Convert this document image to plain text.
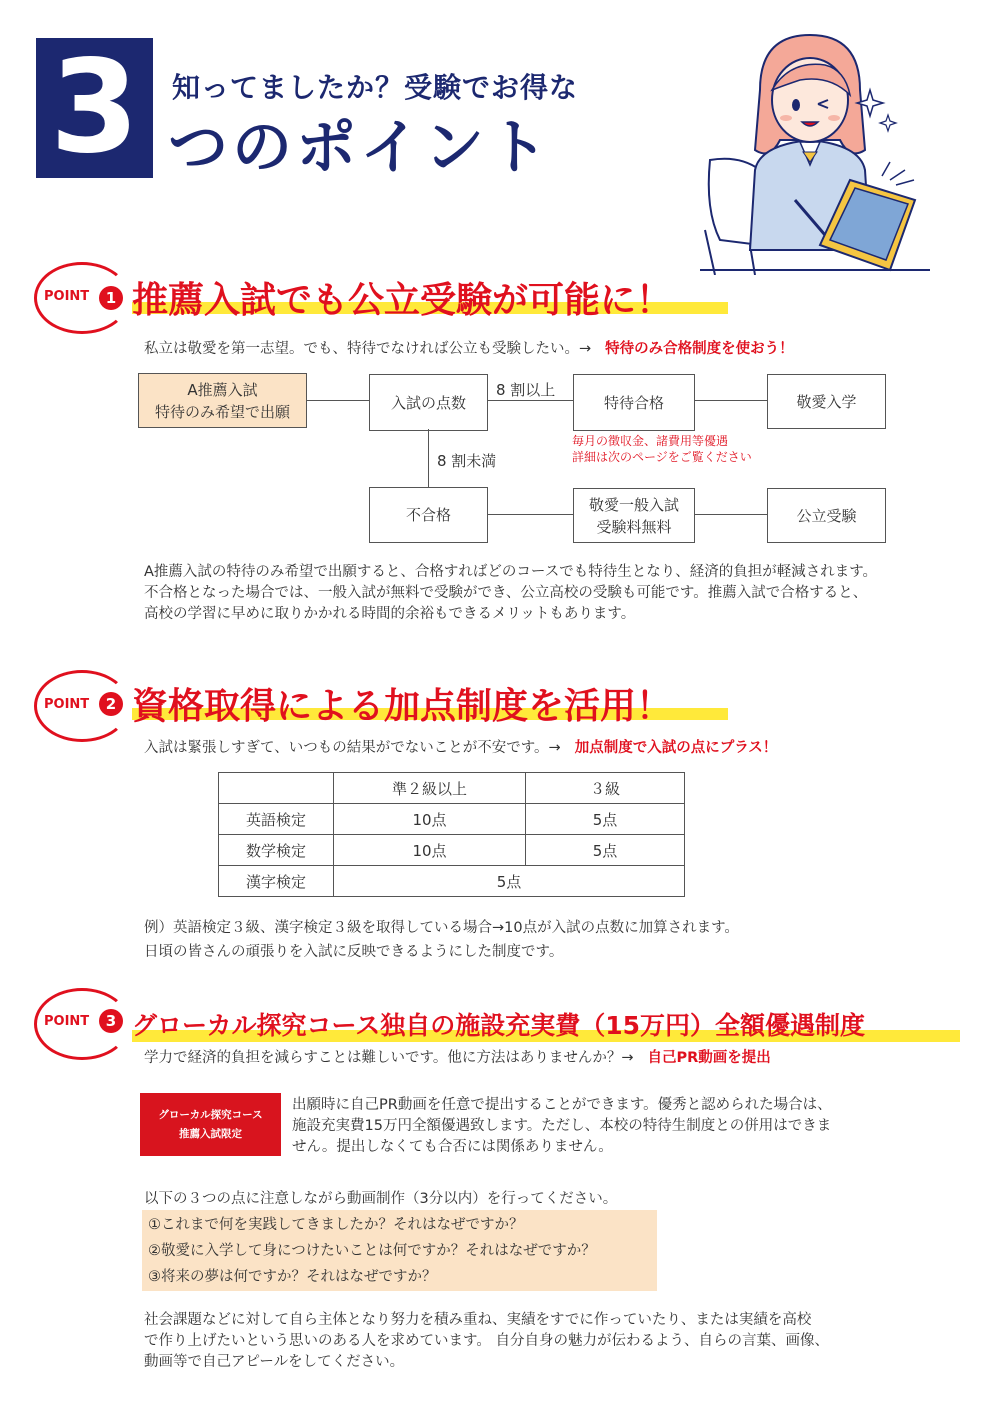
3	知ってましたか？受験でお得な
つのポイント
POINT	1 推薦入試でも公立受験が可能に！
私立は敬愛を第一志望。でも、特待でなければ公立も受験したい。→ 特待のみ合格制度を使おう！
A推薦入試
特待のみ希望で出願	入試の点数
8 割以上
特待合格	敬愛入学
毎月の徴収金、諸費用等優遇
詳細は次のページをご覧ください
8 割未満
不合格
敬愛一般入試
受験料無料
公立受験
A推薦入試の特待のみ希望で出願すると、合格すればどのコースでも特待生となり、経済的負担が軽減されます。
不合格となった場合では、一般入試が無料で受験ができ、公立高校の受験も可能です。推薦入試で合格すると、
高校の学習に早めに取りかかれる時間的余裕もできるメリットもあります。
POINT	2 資格取得による加点制度を活用！
入試は緊張しすぎて、いつもの結果がでないことが不安です。→ 加点制度で入試の点にプラス！
	準２級以上	３級
英語検定	10点	5点
数学検定	10点	5点
漢字検定	5点	
例）英語検定３級、漢字検定３級を取得している場合→10点が入試の点数に加算されます。
日頃の皆さんの頑張りを入試に反映できるようにした制度です。
POINT	3 グローカル探究コース独自の施設充実費（15万円）全額優遇制度
学力で経済的負担を減らすことは難しいです。他に方法はありませんか？→ 自己PR動画を提出
グローカル探究コース
推薦入試限定
出願時に自己PR動画を任意で提出することができます。優秀と認められた場合は、
施設充実費15万円全額優遇致します。ただし、本校の特待生制度との併用はできま
せん。提出しなくても合否には関係ありません。
以下の３つの点に注意しながら動画制作（3分以内）を行ってください。
①これまで何を実践してきましたか？それはなぜですか？
②敬愛に入学して身につけたいことは何ですか？それはなぜですか？
③将来の夢は何ですか？それはなぜですか？
社会課題などに対して自ら主体となり努力を積み重ね、実績をすでに作っていたり、または実績を高校
で作り上げたいという思いのある人を求めています。 自分自身の魅力が伝わるよう、自らの言葉、画像、
動画等で自己アピールをしてください。
